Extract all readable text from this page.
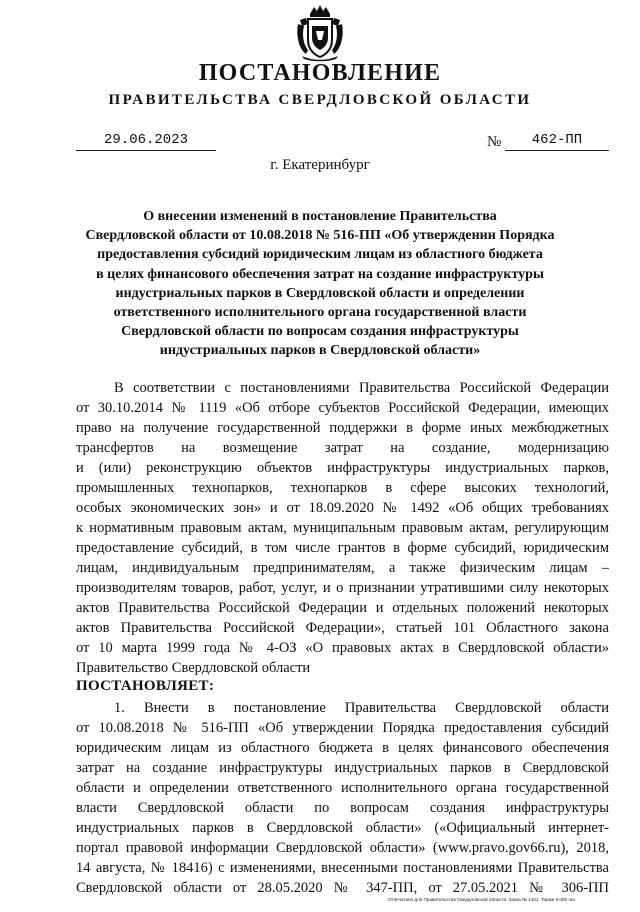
ПОСТАНОВЛЕНИЕ
ПРАВИТЕЛЬСТВА СВЕРДЛОВСКОЙ ОБЛАСТИ
29.06.2023	№	462-ПП
г. Екатеринбург
О внесении изменений в постановление Правительства
Свердловской области от 10.08.2018 № 516-ПП «Об утверждении Порядка
предоставления субсидий юридическим лицам из областного бюджета
в целях финансового обеспечения затрат на создание инфраструктуры
индустриальных парков в Свердловской области и определении
ответственного исполнительного органа государственной власти
Свердловской области по вопросам создания инфраструктуры
индустриальных парков в Свердловской области»
В соответствии с постановлениями Правительства Российской Федерации
от 30.10.2014 № 1119 «Об отборе субъектов Российской Федерации, имеющих
право на получение государственной поддержки в форме иных межбюджетных
трансфертов на возмещение затрат на создание, модернизацию
и (или) реконструкцию объектов инфраструктуры индустриальных парков,
промышленных технопарков, технопарков в сфере высоких технологий,
особых экономических зон» и от 18.09.2020 № 1492 «Об общих требованиях
к нормативным правовым актам, муниципальным правовым актам, регулирующим
предоставление субсидий, в том числе грантов в форме субсидий, юридическим
лицам, индивидуальным предпринимателям, а также физическим лицам –
производителям товаров, работ, услуг, и о признании утратившими силу некоторых
актов Правительства Российской Федерации и отдельных положений некоторых
актов Правительства Российской Федерации», статьей 101 Областного закона
от 10 марта 1999 года № 4-ОЗ «О правовых актах в Свердловской области»
Правительство Свердловской области
ПОСТАНОВЛЯЕТ:
1. Внести в постановление Правительства Свердловской области
от 10.08.2018 № 516-ПП «Об утверждении Порядка предоставления субсидий
юридическим лицам из областного бюджета в целях финансового обеспечения
затрат на создание инфраструктуры индустриальных парков в Свердловской
области и определении ответственного исполнительного органа государственной
власти Свердловской области по вопросам создания инфраструктуры
индустриальных парков в Свердловской области» («Официальный интернет-
портал правовой информации Свердловской области» (www.pravo.gov66.ru), 2018,
14 августа, № 18416) с изменениями, внесенными постановлениями Правительства
Свердловской области от 28.05.2020 № 347-ПП, от 27.05.2021 № 306-ПП
Отпечатано для Правительства Свердловской области. Заказ № 1421. Тираж 5 000 экз.
